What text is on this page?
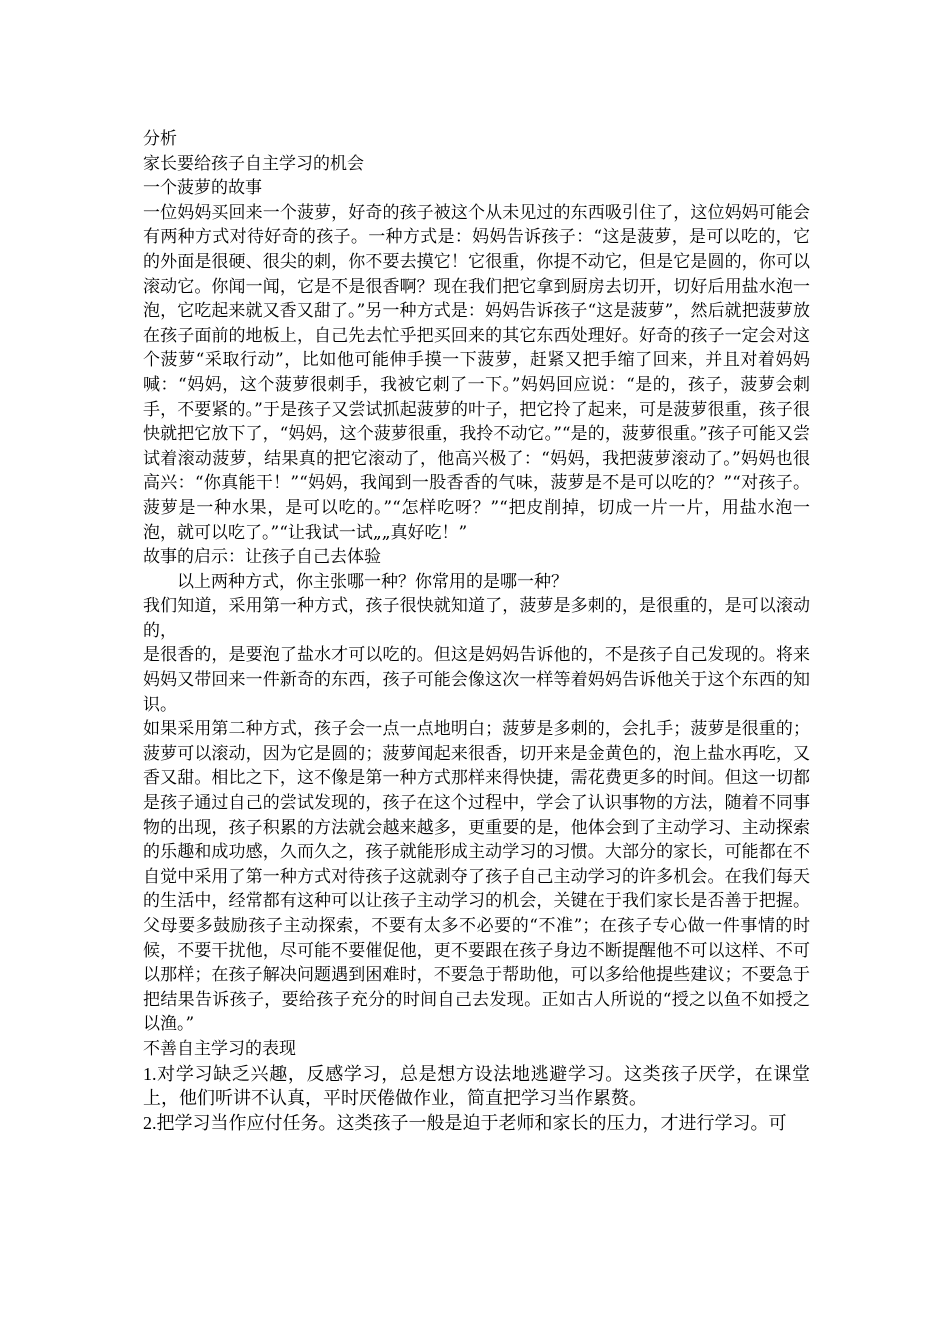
分析

家长要给孩子自主学习的机会

一个菠萝的故事

一位妈妈买回来一个菠萝，好奇的孩子被这个从未见过的东西吸引住了，这位妈妈可能会有两种方式对待好奇的孩子。一种方式是：妈妈告诉孩子：“这是菠萝，是可以吃的，它的外面是很硬、很尖的刺，你不要去摸它！它很重，你提不动它，但是它是圆的，你可以滚动它。你闻一闻，它是不是很香啊？现在我们把它拿到厨房去切开，切好后用盐水泡一泡，它吃起来就又香又甜了。”另一种方式是：妈妈告诉孩子“这是菠萝”，然后就把菠萝放在孩子面前的地板上，自己先去忙乎把买回来的其它东西处理好。好奇的孩子一定会对这个菠萝“采取行动”，比如他可能伸手摸一下菠萝，赶紧又把手缩了回来，并且对着妈妈喊：“妈妈，这个菠萝很刺手，我被它刺了一下。”妈妈回应说：“是的，孩子，菠萝会刺手，不要紧的。”于是孩子又尝试抓起菠萝的叶子，把它拎了起来，可是菠萝很重，孩子很快就把它放下了，“妈妈，这个菠萝很重，我拎不动它。”“是的，菠萝很重。”孩子可能又尝试着滚动菠萝，结果真的把它滚动了，他高兴极了：“妈妈，我把菠萝滚动了。”妈妈也很高兴：“你真能干！”“妈妈，我闻到一股香香的气味，菠萝是不是可以吃的？”“对孩子。菠萝是一种水果，是可以吃的。”“怎样吃呀？”“把皮削掉，切成一片一片，用盐水泡一泡，就可以吃了。”“让我试一试„„真好吃！”

故事的启示：让孩子自己去体验

以上两种方式，你主张哪一种？你常用的是哪一种？

我们知道，采用第一种方式，孩子很快就知道了，菠萝是多刺的，是很重的，是可以滚动的，

是很香的，是要泡了盐水才可以吃的。但这是妈妈告诉他的，不是孩子自己发现的。将来妈妈又带回来一件新奇的东西，孩子可能会像这次一样等着妈妈告诉他关于这个东西的知识。

如果采用第二种方式，孩子会一点一点地明白；菠萝是多刺的，会扎手；菠萝是很重的；菠萝可以滚动，因为它是圆的；菠萝闻起来很香，切开来是金黄色的，泡上盐水再吃，又香又甜。相比之下，这不像是第一种方式那样来得快捷，需花费更多的时间。但这一切都是孩子通过自己的尝试发现的，孩子在这个过程中，学会了认识事物的方法，随着不同事物的出现，孩子积累的方法就会越来越多，更重要的是，他体会到了主动学习、主动探索的乐趣和成功感，久而久之，孩子就能形成主动学习的习惯。大部分的家长，可能都在不自觉中采用了第一种方式对待孩子这就剥夺了孩子自己主动学习的许多机会。在我们每天的生活中，经常都有这种可以让孩子主动学习的机会，关键在于我们家长是否善于把握。父母要多鼓励孩子主动探索，不要有太多不必要的“不准”；在孩子专心做一件事情的时候，不要干扰他，尽可能不要催促他，更不要跟在孩子身边不断提醒他不可以这样、不可以那样；在孩子解决问题遇到困难时，不要急于帮助他，可以多给他提些建议；不要急于把结果告诉孩子，要给孩子充分的时间自己去发现。正如古人所说的“授之以鱼不如授之以渔。”

不善自主学习的表现

1.对学习缺乏兴趣，反感学习，总是想方设法地逃避学习。这类孩子厌学，在课堂上，他们听讲不认真，平时厌倦做作业，简直把学习当作累赘。

2.把学习当作应付任务。这类孩子一般是迫于老师和家长的压力，才进行学习。可
